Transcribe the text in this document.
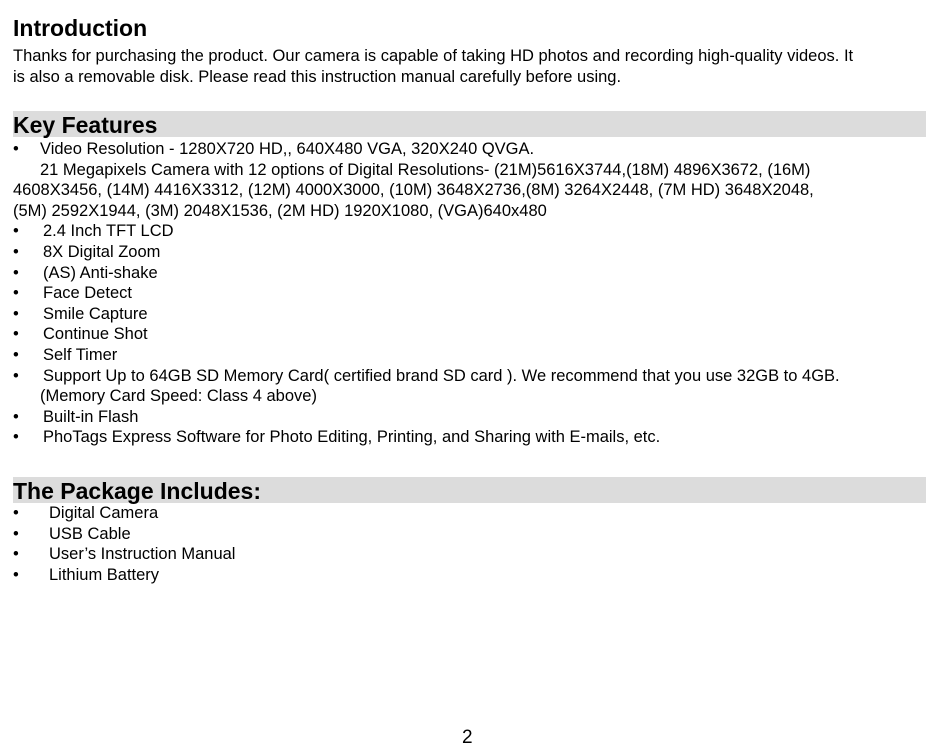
Introduction
Thanks for purchasing the product. Our camera is capable of taking HD photos and recording high-quality videos. It
is also a removable disk. Please read this instruction manual carefully before using.
Key Features
•
Video Resolution - 1280X720 HD,, 640X480 VGA, 320X240 QVGA.
21 Megapixels Camera with 12 options of Digital Resolutions- (21M)5616X3744,(18M) 4896X3672, (16M)
4608X3456, (14M) 4416X3312, (12M) 4000X3000, (10M) 3648X2736,(8M) 3264X2448, (7M HD) 3648X2048,
(5M) 2592X1944, (3M) 2048X1536, (2M HD) 1920X1080, (VGA)640x480
•
2.4 Inch TFT LCD
•
8X Digital Zoom
•
(AS) Anti-shake
•
Face Detect
•
Smile Capture
•
Continue Shot
•
Self Timer
•
Support Up to 64GB SD Memory Card( certified brand SD card ). We recommend that you use 32GB to 4GB.
(Memory Card Speed: Class 4 above)
•
Built-in Flash
•
PhoTags Express Software for Photo Editing, Printing, and Sharing with E-mails, etc.
The Package Includes:
•
Digital Camera
•
USB Cable
•
User’s Instruction Manual
•
Lithium Battery
2
